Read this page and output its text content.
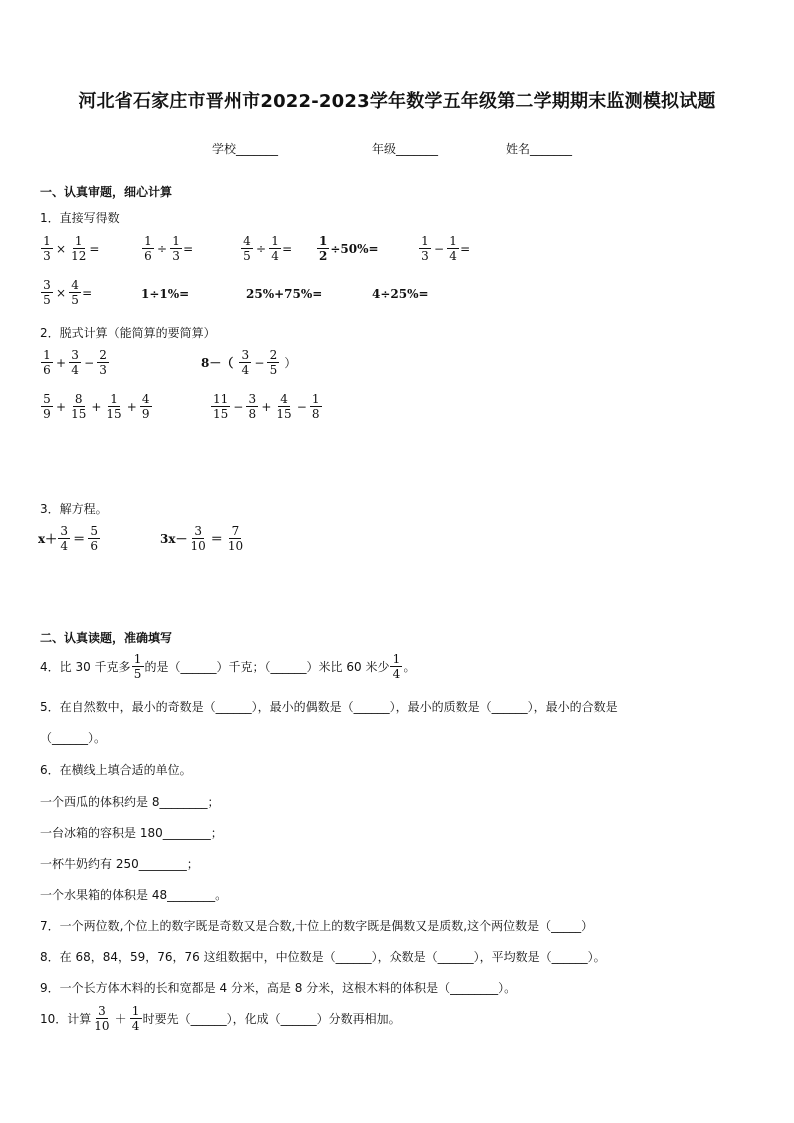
河北省石家庄市晋州市2022-2023学年数学五年级第二学期期末监测模拟试题
学校_______	年级_______	姓名_______
一、认真审题，细心计算
1．直接写得数
$\frac{1}{3} \times \frac{1}{12}$ =	$\frac{1}{6} \div \frac{1}{3}$ =	$\frac{4}{5} \div \frac{1}{4} = \frac{1}{2} \div 50\%=$	$\frac{1}{3} - \frac{1}{4}$ =
$\frac{3}{5} \times \frac{4}{5}$ =	1÷1%=	25%+75%=	4÷25%=
2．脱式计算（能简算的要简算）
$\frac{1}{6} + \frac{3}{4} - \frac{2}{3}$	$8-( \frac{3}{4} - \frac{2}{5}$ ）
$\frac{5}{9} + \frac{8}{15} + \frac{1}{15} + \frac{4}{9}$	$\frac{11}{15} - \frac{3}{8} + \frac{4}{15} - \frac{1}{8}$
3．解方程。
$x+ \frac{3}{4} = \frac{5}{6}$	$3x- \frac{3}{10} = \frac{7}{10}$
二、认真读题，准确填写
4．比 30 千克多 $\frac{1}{5}$ 的是（______）千克；（______）米比 60 米少 $\frac{1}{4}$ 。
5．在自然数中，最小的奇数是（______），最小的偶数是（______），最小的质数是（______），最小的合数是
（______）。
6．在横线上填合适的单位。
一个西瓜的体积约是 8________；
一台冰箱的容积是 180________；
一杯牛奶约有 250________；
一个水果箱的体积是 48________。
7．一个两位数,个位上的数字既是奇数又是合数,十位上的数字既是偶数又是质数,这个两位数是（_____）
8．在 68，84，59，76，76 这组数据中，中位数是（______），众数是（______），平均数是（______）。
9．一个长方体木料的长和宽都是 4 分米，高是 8 分米，这根木料的体积是（________）。
10．计算 $\frac{3}{10} + \frac{1}{4}$ 时要先（______），化成（______）分数再相加。
